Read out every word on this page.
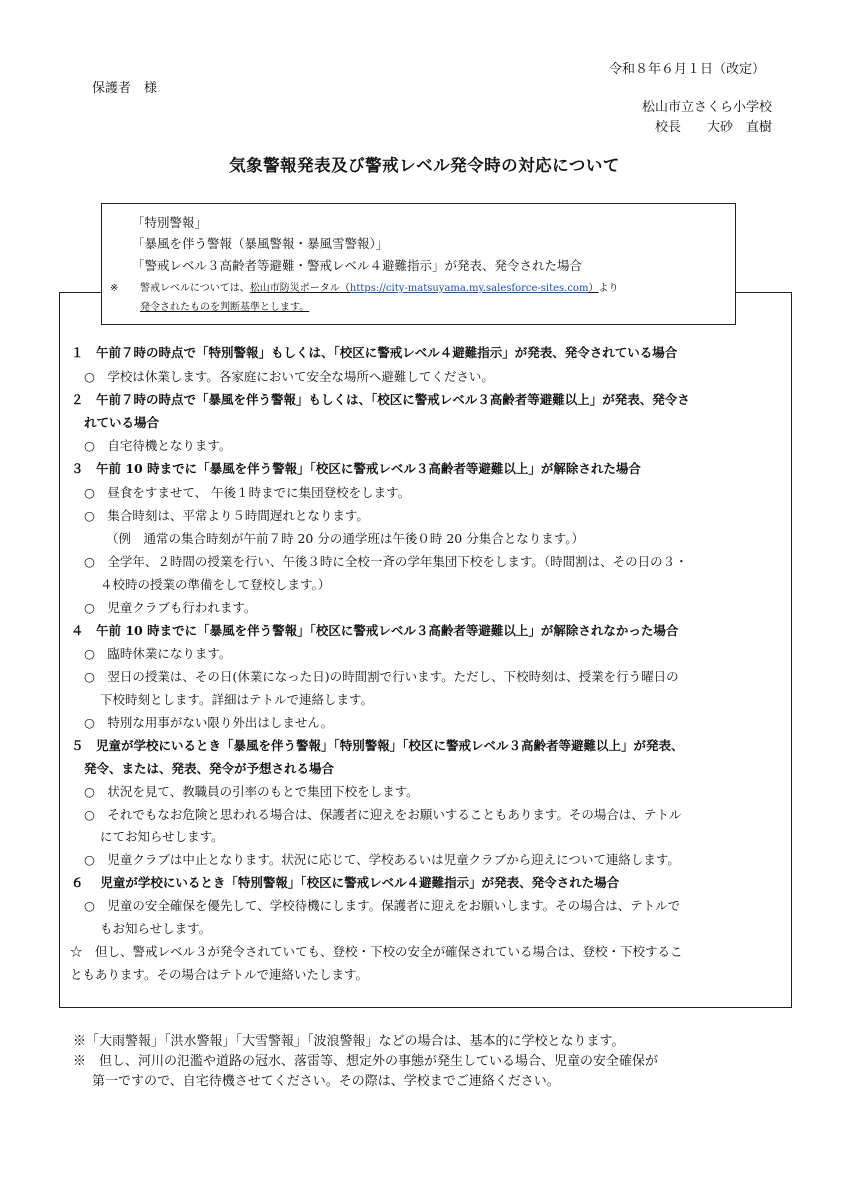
令和８年６月１日（改定）
保護者　様
松山市立さくら小学校
校長　　大砂　直樹
気象警報発表及び警戒レベル発令時の対応について
「特別警報」
「暴風を伴う警報（暴風警報・暴風雪警報）」
「警戒レベル３高齢者等避難・警戒レベル４避難指示」が発表、発令された場合
※ 警戒レベルについては、松山市防災ポータル（https://city-matsuyama.my.salesforce-sites.com）より
発令されたものを判断基準とします。
１　午前７時の時点で「特別警報」もしくは、「校区に警戒レベル４避難指示」が発表、発令されている場合
○　学校は休業します。各家庭において安全な場所へ避難してください。
２　午前７時の時点で「暴風を伴う警報」もしくは、「校区に警戒レベル３高齢者等避難以上」が発表、発令さ
れている場合
○　自宅待機となります。
３　午前 10 時までに「暴風を伴う警報」「校区に警戒レベル３高齢者等避難以上」が解除された場合
○　昼食をすませて、 午後１時までに集団登校をします。
○　集合時刻は、平常より５時間遅れとなります。
（例　通常の集合時刻が午前７時 20 分の通学班は午後０時 20 分集合となります。）
○　全学年、２時間の授業を行い、午後３時に全校一斉の学年集団下校をします。（時間割は、その日の３・
４校時の授業の準備をして登校します。）
○　児童クラブも行われます。
４　午前 10 時までに「暴風を伴う警報」「校区に警戒レベル３高齢者等避難以上」が解除されなかった場合
○　臨時休業になります。
○　翌日の授業は、その日(休業になった日)の時間割で行います。ただし、下校時刻は、授業を行う曜日の
下校時刻とします。詳細はテトルで連絡します。
○　特別な用事がない限り外出はしません。
５　児童が学校にいるとき「暴風を伴う警報」「特別警報」「校区に警戒レベル３高齢者等避難以上」が発表、
発令、または、発表、発令が予想される場合
○　状況を見て、教職員の引率のもとで集団下校をします。
○　それでもなお危険と思われる場合は、保護者に迎えをお願いすることもあります。その場合は、テトル
にてお知らせします。
○　児童クラブは中止となります。状況に応じて、学校あるいは児童クラブから迎えについて連絡します。
６　 児童が学校にいるとき「特別警報」「校区に警戒レベル４避難指示」が発表、発令された場合
○　児童の安全確保を優先して、学校待機にします。保護者に迎えをお願いします。その場合は、テトルで
もお知らせします。
☆　但し、警戒レベル３が発令されていても、登校・下校の安全が確保されている場合は、登校・下校するこ
ともあります。その場合はテトルで連絡いたします。
※「大雨警報」「洪水警報」「大雪警報」「波浪警報」などの場合は、基本的に学校となります。
※　但し、河川の氾濫や道路の冠水、落雷等、想定外の事態が発生している場合、児童の安全確保が
第一ですので、自宅待機させてください。その際は、学校までご連絡ください。
